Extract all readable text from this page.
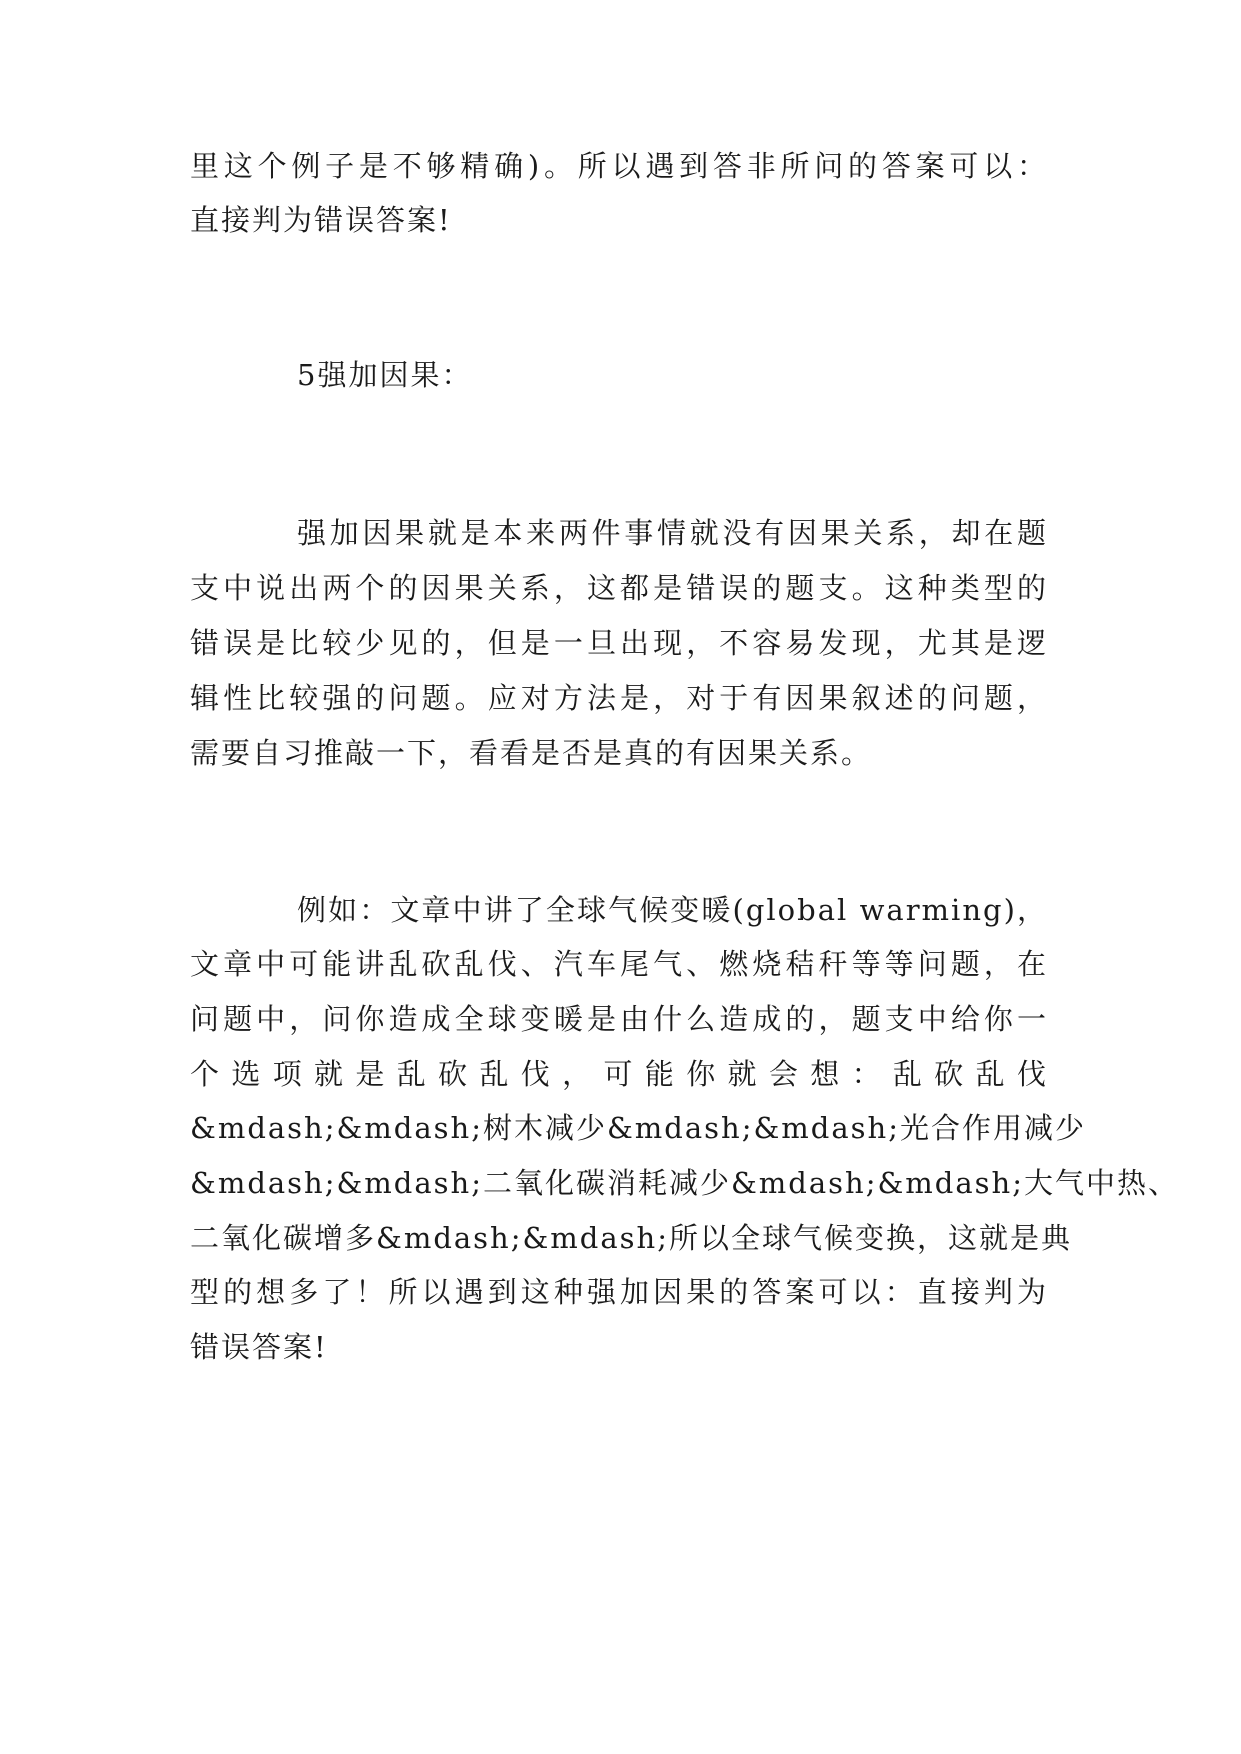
里这个例子是不够精确)。所以遇到答非所问的答案可以：
直接判为错误答案!
5强加因果：
强加因果就是本来两件事情就没有因果关系，却在题
支中说出两个的因果关系，这都是错误的题支。这种类型的
错误是比较少见的，但是一旦出现，不容易发现，尤其是逻
辑性比较强的问题。应对方法是，对于有因果叙述的问题，
需要自习推敲一下，看看是否是真的有因果关系。
例如：文章中讲了全球气候变暖(global warming)，
文章中可能讲乱砍乱伐、汽车尾气、燃烧秸秆等等问题，在
问题中，问你造成全球变暖是由什么造成的，题支中给你一
个选项就是乱砍乱伐，可能你就会想：乱砍乱伐
&mdash;&mdash;树木减少&mdash;&mdash;光合作用减少
&mdash;&mdash;二氧化碳消耗减少&mdash;&mdash;大气中热、
二氧化碳增多&mdash;&mdash;所以全球气候变换，这就是典
型的想多了！所以遇到这种强加因果的答案可以：直接判为
错误答案!
